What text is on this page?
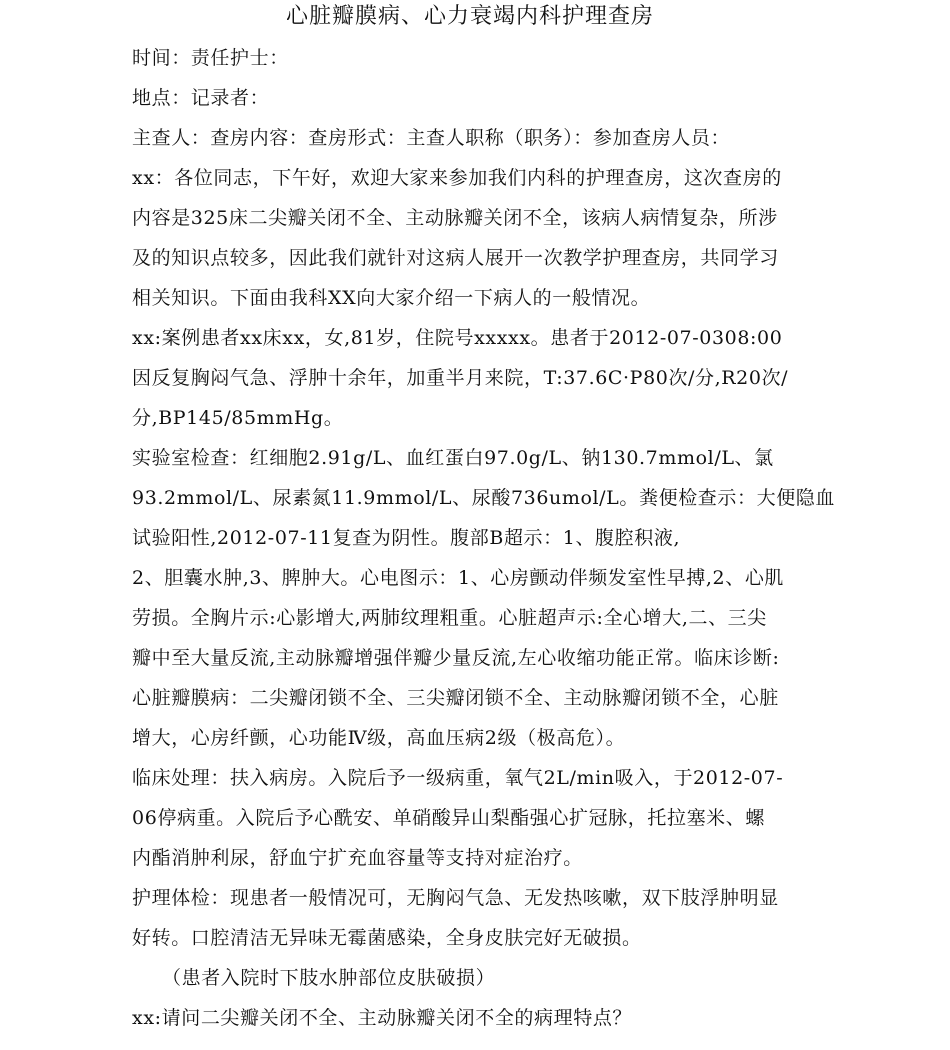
心脏瓣膜病、心力衰竭内科护理查房
时间：责任护士：
地点：记录者：
主查人：查房内容：查房形式：主查人职称（职务）：参加查房人员：
xx：各位同志，下午好，欢迎大家来参加我们内科的护理查房，这次查房的
内容是325床二尖瓣关闭不全、主动脉瓣关闭不全，该病人病情复杂，所涉
及的知识点较多，因此我们就针对这病人展开一次教学护理查房，共同学习
相关知识。下面由我科XX向大家介绍一下病人的一般情况。
xx:案例患者xx床xx，女,81岁，住院号xxxxx。患者于2012-07-0308:00
因反复胸闷气急、浮肿十余年，加重半月来院，T:37.6C·P80次/分,R20次/
分,BP145/85mmHg。
实验室检查：红细胞2.91g/L、血红蛋白97.0g/L、钠130.7mmol/L、氯
93.2mmol/L、尿素氮11.9mmol/L、尿酸736umol/L。粪便检查示：大便隐血
试验阳性,2012-07-11复查为阴性。腹部B超示：1、腹腔积液,
2、胆囊水肿,3、脾肿大。心电图示：1、心房颤动伴频发室性早搏,2、心肌
劳损。全胸片示:心影增大,两肺纹理粗重。心脏超声示:全心增大,二、三尖
瓣中至大量反流,主动脉瓣增强伴瓣少量反流,左心收缩功能正常。临床诊断:
心脏瓣膜病：二尖瓣闭锁不全、三尖瓣闭锁不全、主动脉瓣闭锁不全，心脏
增大，心房纤颤，心功能Ⅳ级，高血压病2级（极高危）。
临床处理：扶入病房。入院后予一级病重，氧气2L/min吸入，于2012-07-
06停病重。入院后予心酰安、单硝酸异山梨酯强心扩冠脉，托拉塞米、螺
内酯消肿利尿，舒血宁扩充血容量等支持对症治疗。
护理体检：现患者一般情况可，无胸闷气急、无发热咳嗽，双下肢浮肿明显
好转。口腔清洁无异味无霉菌感染，全身皮肤完好无破损。
（患者入院时下肢水肿部位皮肤破损）
xx:请问二尖瓣关闭不全、主动脉瓣关闭不全的病理特点？
